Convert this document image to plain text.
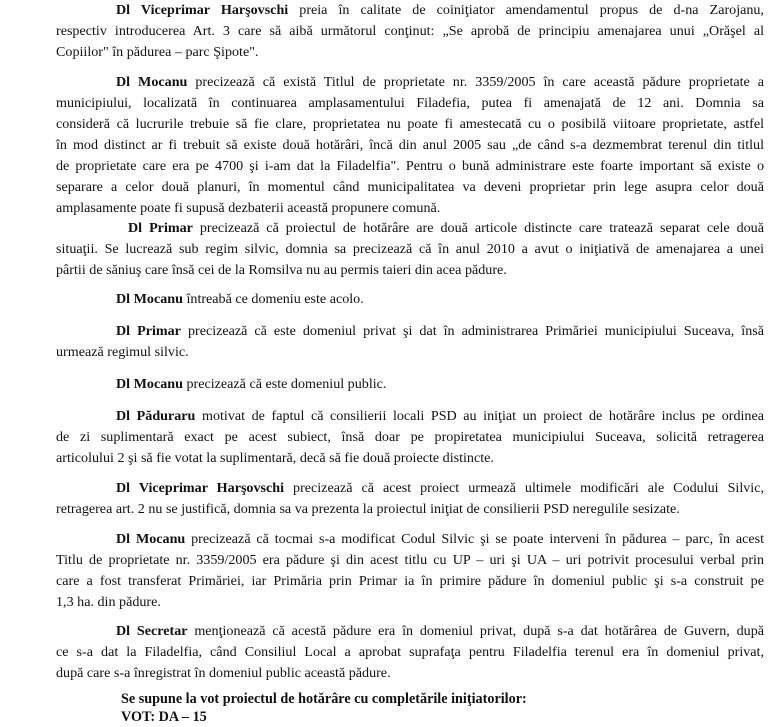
Dl Viceprimar Harşovschi preia în calitate de coiniţiator amendamentul propus de d-na Zarojanu,
respectiv introducerea Art. 3 care să aibă următorul conţinut: „Se aprobă de principiu amenajarea unui „Orăşel al
Copiilor" în pădurea – parc Şipote".

Dl Mocanu precizează că există Titlul de proprietate nr. 3359/2005 în care această pădure proprietate a
municipiului, localizată în continuarea amplasamentului Filadefia, putea fi amenajată de 12 ani. Domnia sa
consideră că lucrurile trebuie să fie clare, proprietatea nu poate fi amestecată cu o posibilă viitoare proprietate, astfel
în mod distinct ar fi trebuit să existe două hotărâri, încă din anul 2005 sau „de când s-a dezmembrat terenul din titlul
de proprietate care era pe 4700 şi i-am dat la Filadelfia". Pentru o bună administrare este foarte important să existe o
separare a celor două planuri, în momentul când municipalitatea va deveni proprietar prin lege asupra celor două
amplasamente poate fi supusă dezbaterii această propunere comună.

Dl Primar precizează că proiectul de hotărâre are două articole distincte care tratează separat cele două
situaţii. Se lucrează sub regim silvic, domnia sa precizează că în anul 2010 a avut o iniţiativă de amenajarea a unei
pârtii de săniuş care însă cei de la Romsilva nu au permis taieri din acea pădure.

Dl Mocanu întreabă ce domeniu este acolo.

Dl Primar precizează că este domeniul privat şi dat în administrarea Primăriei municipiului Suceava, însă
urmează regimul silvic.

Dl Mocanu precizează că este domeniul public.

Dl Păduraru motivat de faptul că consilierii locali PSD au iniţiat un proiect de hotărâre inclus pe ordinea
de zi suplimentară exact pe acest subiect, însă doar pe propiretatea municipiului Suceava, solicită retragerea
articolului 2 şi să fie votat la suplimentară, decă să fie două proiecte distincte.

Dl Viceprimar Harşovschi precizează că acest proiect urmează ultimele modificări ale Codului Silvic,
retragerea art. 2 nu se justifică, domnia sa va prezenta la proiectul iniţiat de consilierii PSD neregulile sesizate.

Dl Mocanu precizează că tocmai s-a modificat Codul Silvic şi se poate interveni în pădurea – parc, în acest
Titlu de proprietate nr. 3359/2005 era pădure şi din acest titlu cu UP – uri şi UA – uri potrivit procesului verbal prin
care a fost transferat Primăriei, iar Primăria prin Primar ia în primire pădure în domeniul public şi s-a construit pe
1,3 ha. din pădure.

Dl Secretar menţionează că acestă pădure era în domeniul privat, după s-a dat hotărârea de Guvern, după
ce s-a dat la Filadelfia, când Consiliul Local a aprobat suprafaţa pentru Filadelfia terenul era în domeniul privat,
după care s-a înregistrat în domeniul public această pădure.

Se supune la vot proiectul de hotărâre cu completările iniţiatorilor:
VOT: DA – 15
